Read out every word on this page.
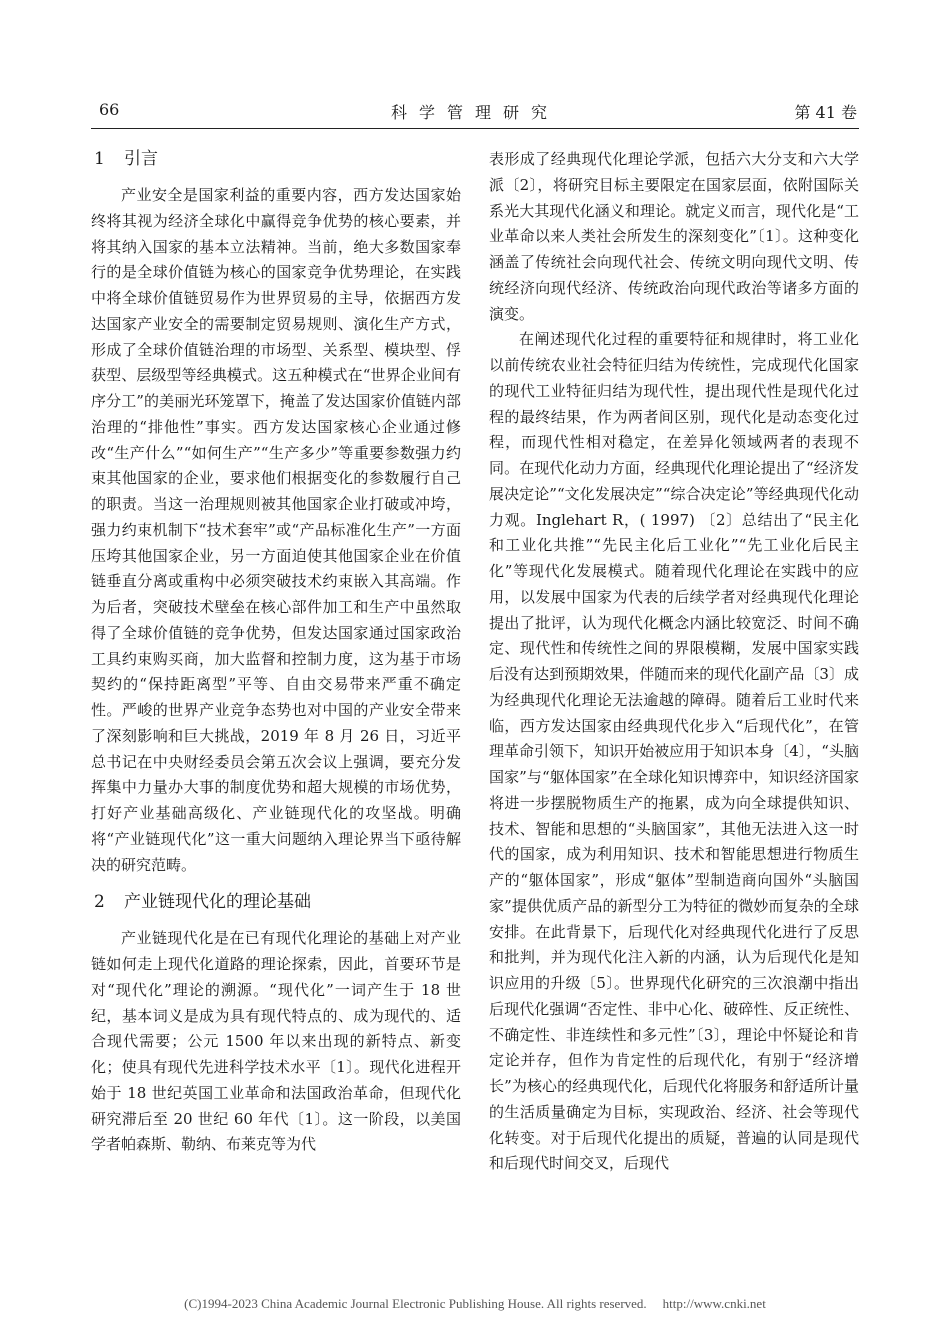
66	科学管理研究	第 41 卷
1 引言

产业安全是国家利益的重要内容，西方发达国家始终将其视为经济全球化中赢得竞争优势的核心要素，并将其纳入国家的基本立法精神。当前，绝大多数国家奉行的是全球价值链为核心的国家竞争优势理论，在实践中将全球价值链贸易作为世界贸易的主导，依据西方发达国家产业安全的需要制定贸易规则、演化生产方式，形成了全球价值链治理的市场型、关系型、模块型、俘获型、层级型等经典模式。这五种模式在“世界企业间有序分工”的美丽光环笼罩下，掩盖了发达国家价值链内部治理的“排他性”事实。西方发达国家核心企业通过修改“生产什么”“如何生产”“生产多少”等重要参数强力约束其他国家的企业，要求他们根据变化的参数履行自己的职责。当这一治理规则被其他国家企业打破或冲垮，强力约束机制下“技术套牢”或“产品标准化生产”一方面压垮其他国家企业，另一方面迫使其他国家企业在价值链垂直分离或重构中必须突破技术约束嵌入其高端。作为后者，突破技术壁垒在核心部件加工和生产中虽然取得了全球价值链的竞争优势，但发达国家通过国家政治工具约束购买商，加大监督和控制力度，这为基于市场契约的“保持距离型”平等、自由交易带来严重不确定性。严峻的世界产业竞争态势也对中国的产业安全带来了深刻影响和巨大挑战，2019 年 8 月 26 日，习近平总书记在中央财经委员会第五次会议上强调，要充分发挥集中力量办大事的制度优势和超大规模的市场优势，打好产业基础高级化、产业链现代化的攻坚战。明确将“产业链现代化”这一重大问题纳入理论界当下亟待解决的研究范畴。

2 产业链现代化的理论基础

产业链现代化是在已有现代化理论的基础上对产业链如何走上现代化道路的理论探索，因此，首要环节是对“现代化”理论的溯源。“现代化”一词产生于 18 世纪，基本词义是成为具有现代特点的、成为现代的、适合现代需要；公元 1500 年以来出现的新特点、新变化；使具有现代先进科学技术水平〔1〕。现代化进程开始于 18 世纪英国工业革命和法国政治革命，但现代化研究滞后至 20 世纪 60 年代〔1〕。这一阶段，以美国学者帕森斯、勒纳、布莱克等为代

表形成了经典现代化理论学派，包括六大分支和六大学派〔2〕，将研究目标主要限定在国家层面，依附国际关系光大其现代化涵义和理论。就定义而言，现代化是“工业革命以来人类社会所发生的深刻变化”〔1〕。这种变化涵盖了传统社会向现代社会、传统文明向现代文明、传统经济向现代经济、传统政治向现代政治等诸多方面的演变。

在阐述现代化过程的重要特征和规律时，将工业化以前传统农业社会特征归结为传统性，完成现代化国家的现代工业特征归结为现代性，提出现代性是现代化过程的最终结果，作为两者间区别，现代化是动态变化过程，而现代性相对稳定，在差异化领域两者的表现不同。在现代化动力方面，经典现代化理论提出了“经济发展决定论”“文化发展决定”“综合决定论”等经典现代化动力观。Inglehart R，( 1997) 〔2〕总结出了“民主化和工业化共推”“先民主化后工业化”“先工业化后民主化”等现代化发展模式。随着现代化理论在实践中的应用，以发展中国家为代表的后续学者对经典现代化理论提出了批评，认为现代化概念内涵比较宽泛、时间不确定、现代性和传统性之间的界限模糊，发展中国家实践后没有达到预期效果，伴随而来的现代化副产品〔3〕成为经典现代化理论无法逾越的障碍。随着后工业时代来临，西方发达国家由经典现代化步入“后现代化”，在管理革命引领下，知识开始被应用于知识本身〔4〕，“头脑国家”与“躯体国家”在全球化知识博弈中，知识经济国家将进一步摆脱物质生产的拖累，成为向全球提供知识、技术、智能和思想的“头脑国家”，其他无法进入这一时代的国家，成为利用知识、技术和智能思想进行物质生产的“躯体国家”，形成“躯体”型制造商向国外“头脑国家”提供优质产品的新型分工为特征的微妙而复杂的全球安排。在此背景下，后现代化对经典现代化进行了反思和批判，并为现代化注入新的内涵，认为后现代化是知识应用的升级〔5〕。世界现代化研究的三次浪潮中指出后现代化强调“否定性、非中心化、破碎性、反正统性、不确定性、非连续性和多元性”〔3〕，理论中怀疑论和肯定论并存，但作为肯定性的后现代化，有别于“经济增长”为核心的经典现代化，后现代化将服务和舒适所计量的生活质量确定为目标，实现政治、经济、社会等现代化转变。对于后现代化提出的质疑，普遍的认同是现代和后现代时间交叉，后现代

(C)1994-2023 China Academic Journal Electronic Publishing House. All rights reserved. http://www.cnki.net
